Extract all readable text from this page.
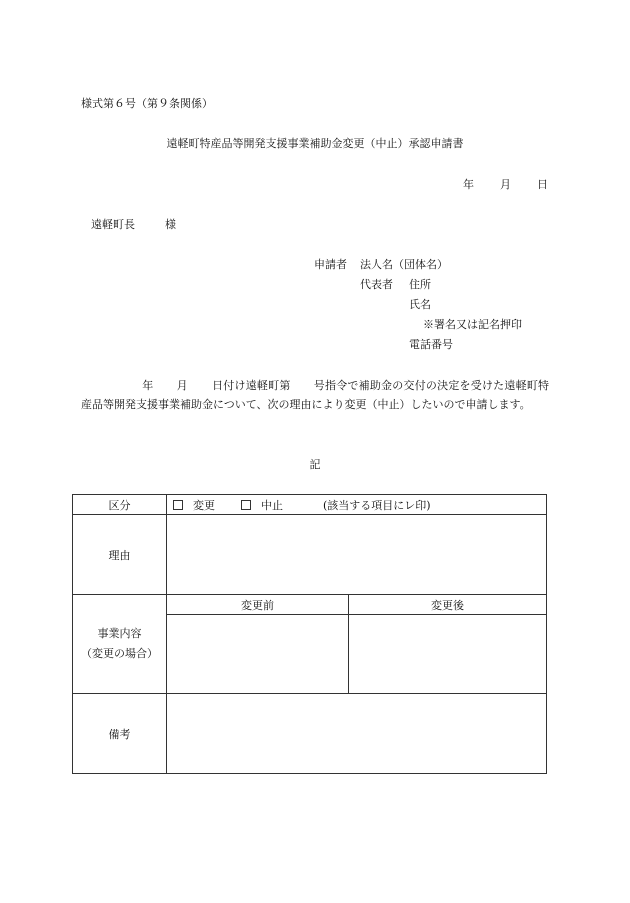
様式第６号（第９条関係）
遠軽町特産品等開発支援事業補助金変更（中止）承認申請書
年 月 日
遠軽町長	様
申請者 法人名（団体名）
代表者 住所
氏名
※署名又は記名押印
電話番号
年 月 日付け遠軽町第 号指令で補助金の交付の決定を受けた遠軽町特産品等開発支援事業補助金について、次の理由により変更（中止）したいので申請します。
記
区分	変更 中止 (該当する項目にレ印)	
理由		

事業内容
（変更の場合）	変更前	変更後

備考		
